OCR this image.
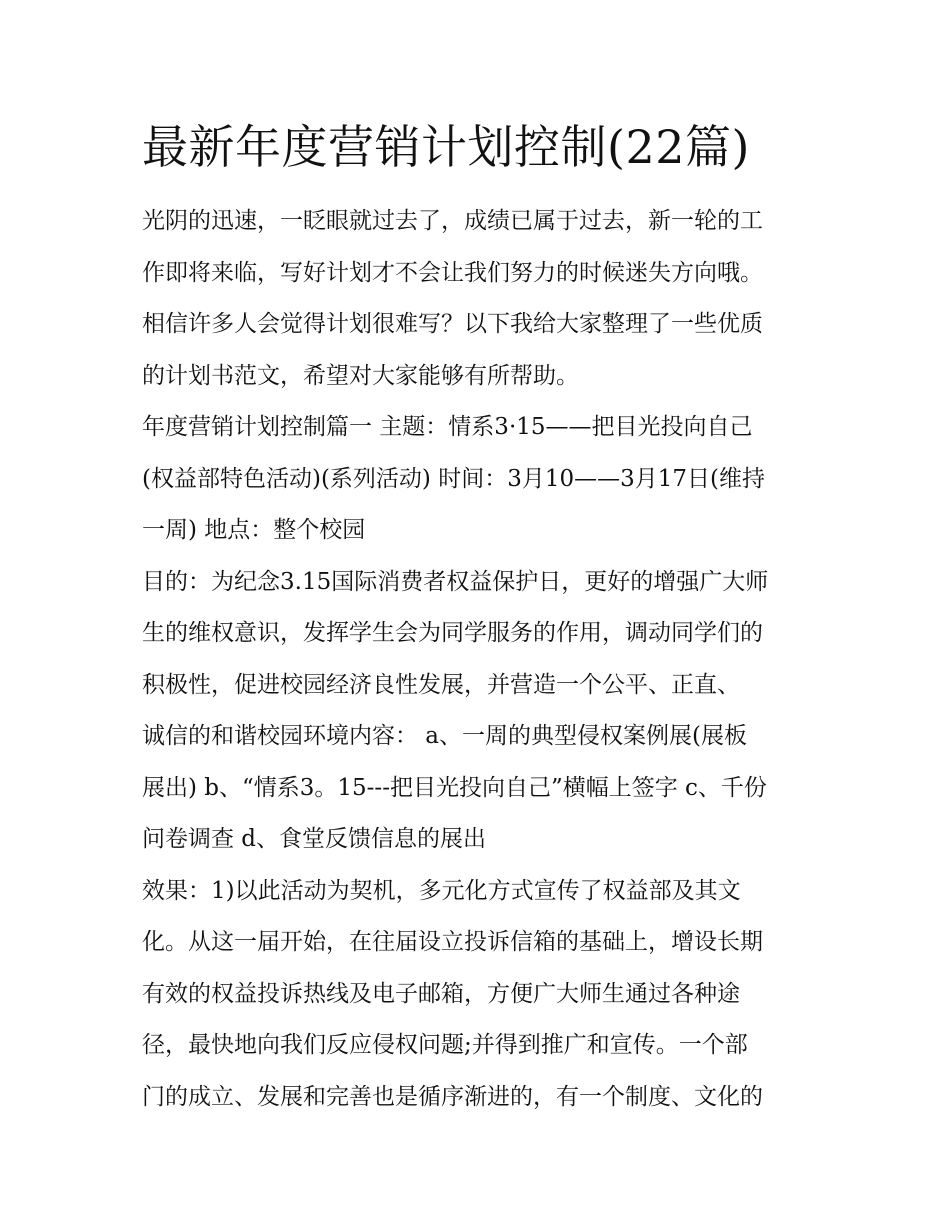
最新年度营销计划控制(22篇)

光阴的迅速，一眨眼就过去了，成绩已属于过去，新一轮的工

作即将来临，写好计划才不会让我们努力的时候迷失方向哦。

相信许多人会觉得计划很难写？以下我给大家整理了一些优质

的计划书范文，希望对大家能够有所帮助。

年度营销计划控制篇一 主题：情系3·15——把目光投向自己

(权益部特色活动)(系列活动) 时间：3月10——3月17日(维持

一周) 地点：整个校园

目的：为纪念3.15国际消费者权益保护日，更好的增强广大师

生的维权意识，发挥学生会为同学服务的作用，调动同学们的

积极性，促进校园经济良性发展，并营造一个公平、正直、

诚信的和谐校园环境内容： a、一周的典型侵权案例展(展板

展出) b、“情系3。15---把目光投向自己”横幅上签字 c、千份

问卷调查 d、食堂反馈信息的展出

效果：1)以此活动为契机，多元化方式宣传了权益部及其文

化。从这一届开始，在往届设立投诉信箱的基础上，增设长期

有效的权益投诉热线及电子邮箱，方便广大师生通过各种途

径，最快地向我们反应侵权问题;并得到推广和宣传。一个部

门的成立、发展和完善也是循序渐进的，有一个制度、文化的
